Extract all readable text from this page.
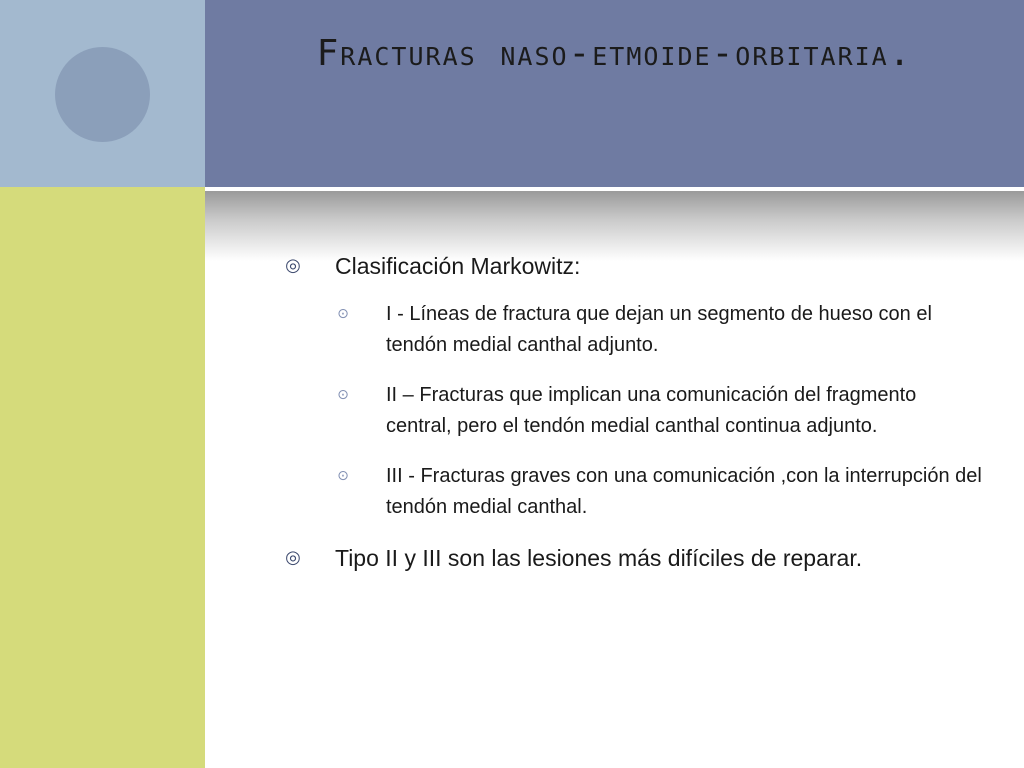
Fracturas naso-etmoide-orbitaria.
◎ Clasificación Markowitz:
⊙ I - Líneas de fractura que dejan un segmento de hueso con el tendón medial canthal adjunto.
⊙ II – Fracturas que implican una comunicación del fragmento central, pero el tendón medial canthal continua adjunto.
⊙ III - Fracturas graves con una comunicación ,con la interrupción del tendón medial canthal.
◎ Tipo II y III son las lesiones más difíciles de reparar.
